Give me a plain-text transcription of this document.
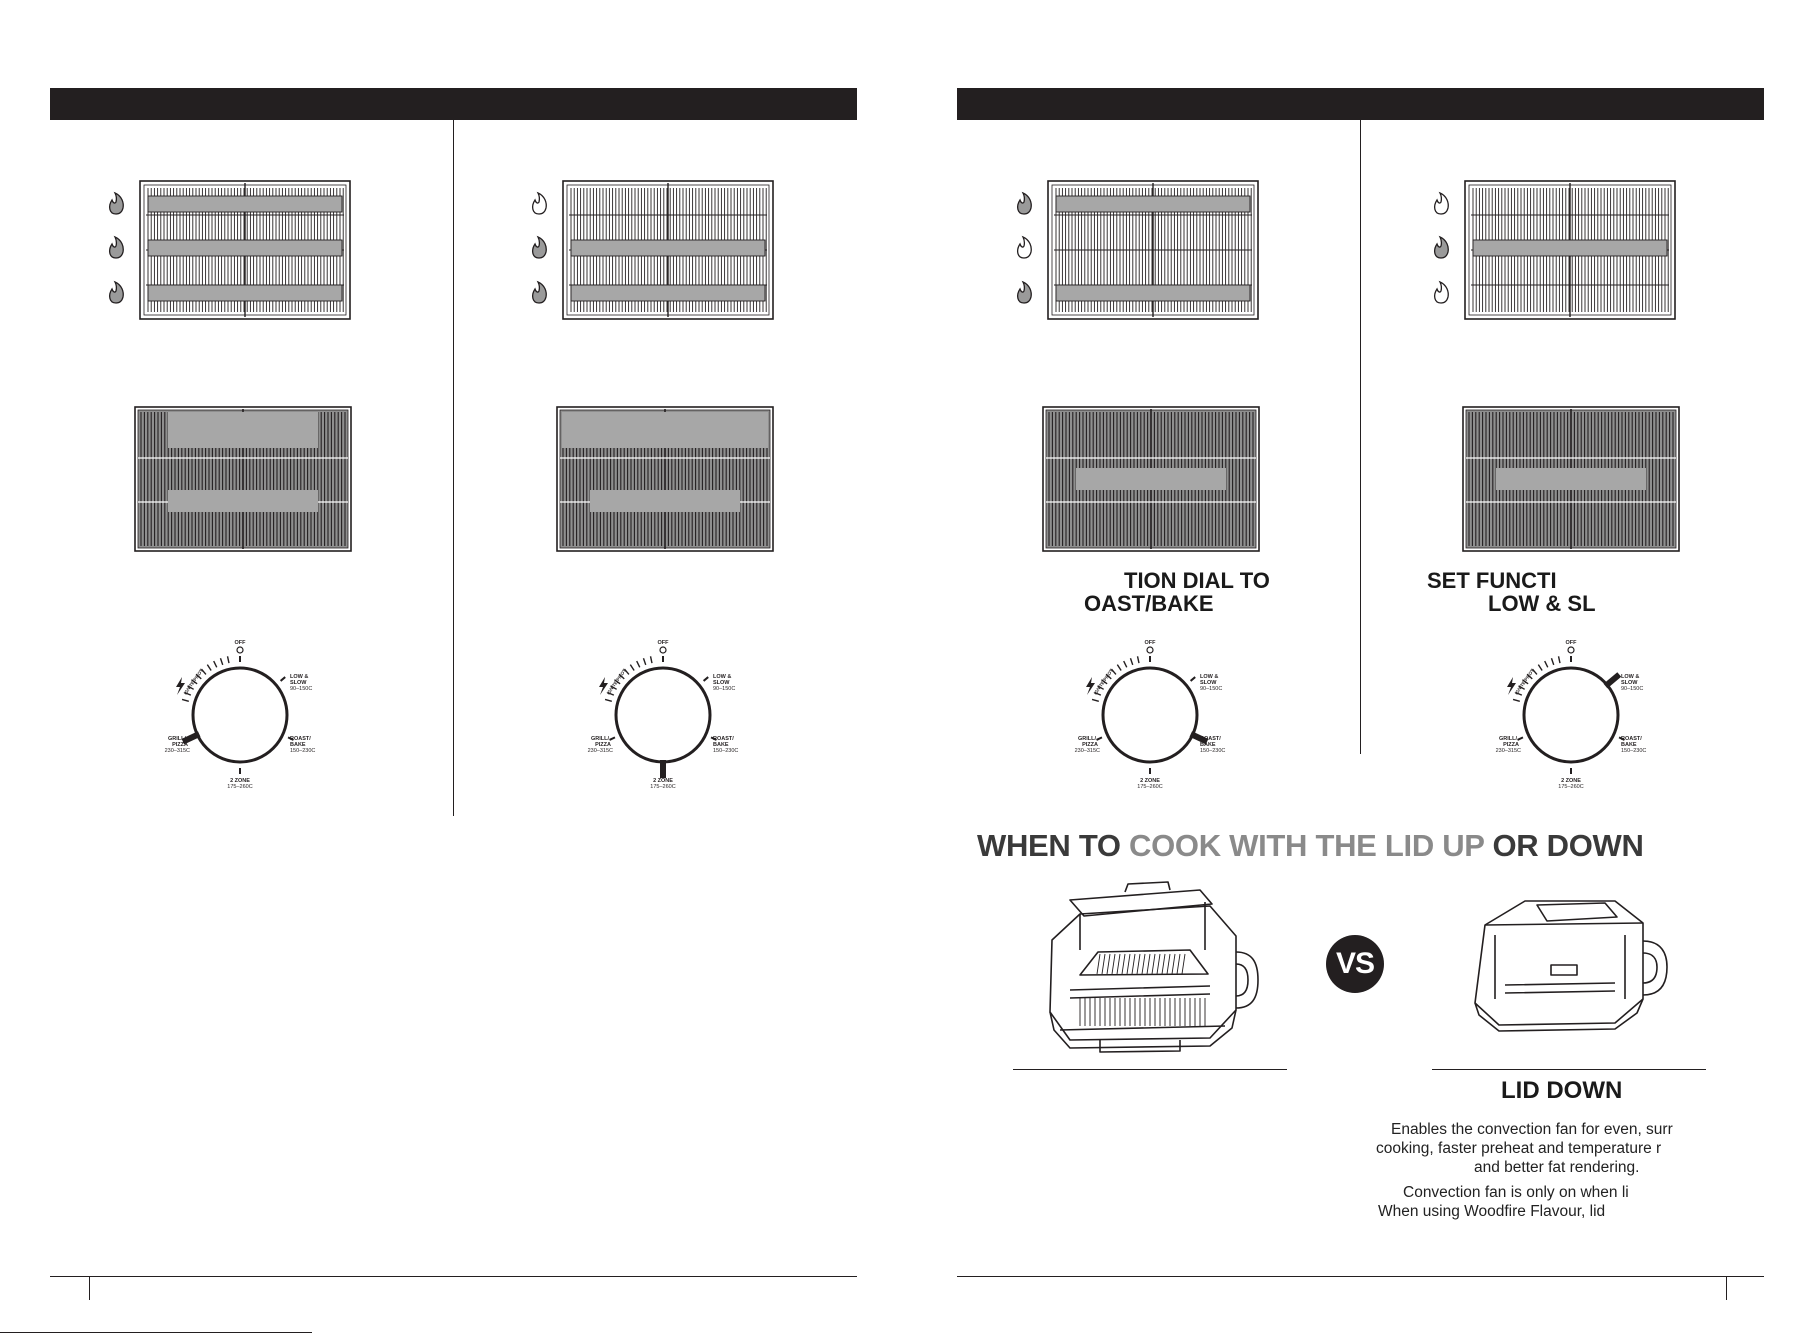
TION DIAL TO
OAST/BAKE
SET FUNCTI
LOW & SL
WHEN TO COOK WITH THE LID UP OR DOWN
VS
LID DOWN
Enables the convection fan for even, surr
cooking, faster preheat and temperature r
and better fat rendering.
Convection fan is only on when li
When using Woodfire Flavour, lid
OFF
LOW &
SLOW
90–150C
ROAST/
BAKE
150–230C
2 ZONE
175–260C
GRILL/
PIZZA
230–315C
IGNITE PILOT
OFF
LOW &
SLOW
90–150C
ROAST/
BAKE
150–230C
2 ZONE
175–260C
GRILL/
PIZZA
230–315C
IGNITE PILOT
OFF
LOW &
SLOW
90–150C
ROAST/
BAKE
150–230C
2 ZONE
175–260C
GRILL/
PIZZA
230–315C
IGNITE PILOT
OFF
LOW &
SLOW
90–150C
ROAST/
BAKE
150–230C
2 ZONE
175–260C
GRILL/
PIZZA
230–315C
IGNITE PILOT
